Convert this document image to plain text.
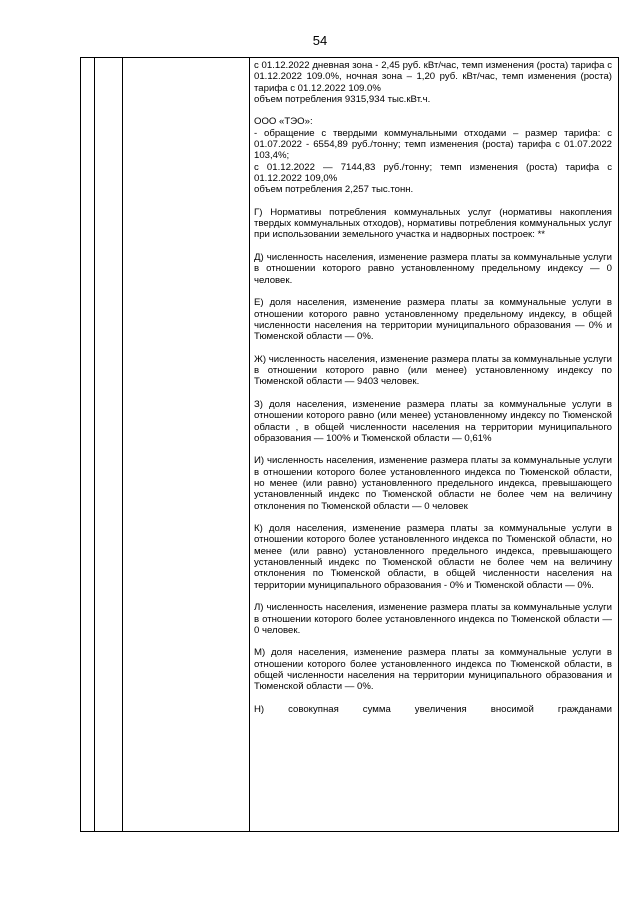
54

с 01.12.2022 дневная зона - 2,45 руб. кВт/час, темп изменения (роста) тарифа с 01.12.2022 109.0%, ночная зона – 1,20 руб. кВт/час, темп изменения (роста) тарифа с 01.12.2022 109.0%
объем потребления 9315,934 тыс.кВт.ч.

ООО «ТЭО»:
- обращение с твердыми коммунальными отходами – размер тарифа: с 01.07.2022 - 6554,89 руб./тонну; темп изменения (роста) тарифа с 01.07.2022 103,4%;
с 01.12.2022 — 7144,83 руб./тонну; темп изменения (роста) тарифа с 01.12.2022 109,0%
объем потребления 2,257 тыс.тонн.

Г) Нормативы потребления коммунальных услуг (нормативы накопления твердых коммунальных отходов), нормативы потребления коммунальных услуг при использовании земельного участка и надворных построек: **

Д) численность населения, изменение размера платы за коммунальные услуги в отношении которого равно установленному предельному индексу — 0 человек.

Е) доля населения, изменение размера платы за коммунальные услуги в отношении которого равно установленному предельному индексу, в общей численности населения на территории муниципального образования — 0% и Тюменской области — 0%.

Ж) численность населения, изменение размера платы за коммунальные услуги в отношении которого равно (или менее) установленному индексу по Тюменской области — 9403 человек.

З) доля населения, изменение размера платы за коммунальные услуги в отношении которого равно (или менее) установленному индексу по Тюменской области , в общей численности населения на территории муниципального образования — 100% и Тюменской области — 0,61%

И) численность населения, изменение размера платы за коммунальные услуги в отношении которого более установленного индекса по Тюменской области, но менее (или равно) установленного предельного индекса, превышающего установленный индекс по Тюменской области не более чем на величину отклонения по Тюменской области — 0 человек

К) доля населения, изменение размера платы за коммунальные услуги в отношении которого более установленного индекса по Тюменской области, но менее (или равно) установленного предельного индекса, превышающего установленный индекс по Тюменской области не более чем на величину отклонения по Тюменской области, в общей численности населения на территории муниципального образования - 0% и Тюменской области — 0%.

Л) численность населения, изменение размера платы за коммунальные услуги в отношении которого более установленного индекса по Тюменской области — 0 человек.

М) доля населения, изменение размера платы за коммунальные услуги в отношении которого более установленного индекса по Тюменской области, в общей численности населения на территории муниципального образования и Тюменской области — 0%.

Н) совокупная сумма увеличения вносимой гражданами
